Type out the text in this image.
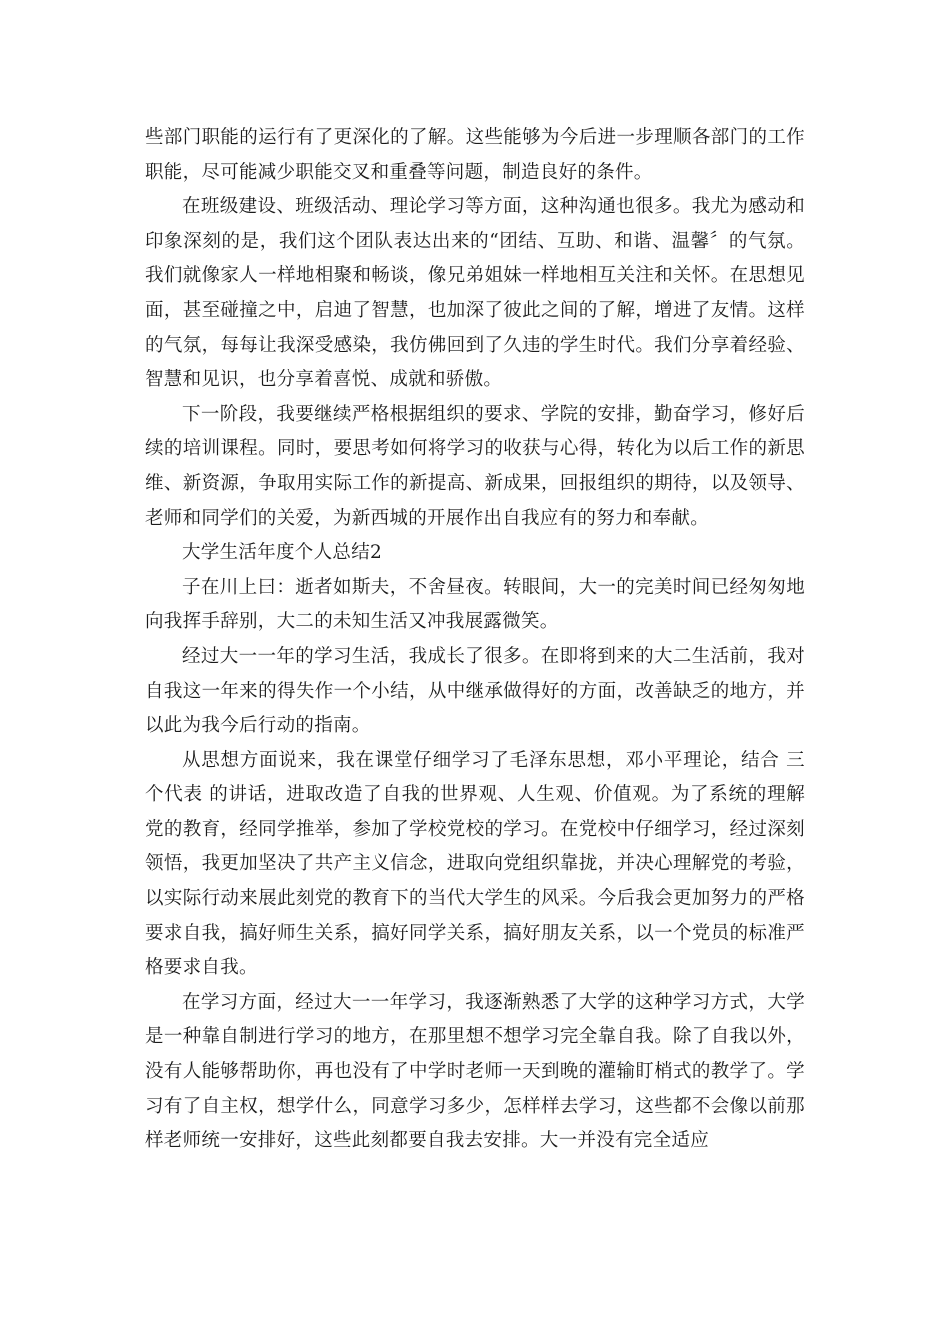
些部门职能的运行有了更深化的了解。这些能够为今后进一步理顺各部门的工作职能，尽可能减少职能交叉和重叠等问题，制造良好的条件。

在班级建设、班级活动、理论学习等方面，这种沟通也很多。我尤为感动和印象深刻的是，我们这个团队表达出来的“团结、互助、和谐、温馨〞的气氛。我们就像家人一样地相聚和畅谈，像兄弟姐妹一样地相互关注和关怀。在思想见面，甚至碰撞之中，启迪了智慧，也加深了彼此之间的了解，增进了友情。这样的气氛，每每让我深受感染，我仿佛回到了久违的学生时代。我们分享着经验、智慧和见识，也分享着喜悦、成就和骄傲。

下一阶段，我要继续严格根据组织的要求、学院的安排，勤奋学习，修好后续的培训课程。同时，要思考如何将学习的收获与心得，转化为以后工作的新思维、新资源，争取用实际工作的新提高、新成果，回报组织的期待，以及领导、老师和同学们的关爱，为新西城的开展作出自我应有的努力和奉献。

大学生活年度个人总结2

子在川上曰：逝者如斯夫，不舍昼夜。转眼间，大一的完美时间已经匆匆地向我挥手辞别，大二的未知生活又冲我展露微笑。

经过大一一年的学习生活，我成长了很多。在即将到来的大二生活前，我对自我这一年来的得失作一个小结，从中继承做得好的方面，改善缺乏的地方，并以此为我今后行动的指南。

从思想方面说来，我在课堂仔细学习了毛泽东思想，邓小平理论，结合 三个代表 的讲话，进取改造了自我的世界观、人生观、价值观。为了系统的理解党的教育，经同学推举，参加了学校党校的学习。在党校中仔细学习，经过深刻领悟，我更加坚决了共产主义信念，进取向党组织靠拢，并决心理解党的考验，以实际行动来展此刻党的教育下的当代大学生的风采。今后我会更加努力的严格要求自我，搞好师生关系，搞好同学关系，搞好朋友关系，以一个党员的标准严格要求自我。

在学习方面，经过大一一年学习，我逐渐熟悉了大学的这种学习方式，大学是一种靠自制进行学习的地方，在那里想不想学习完全靠自我。除了自我以外，没有人能够帮助你，再也没有了中学时老师一天到晚的灌输盯梢式的教学了。学习有了自主权，想学什么，同意学习多少，怎样样去学习，这些都不会像以前那样老师统一安排好，这些此刻都要自我去安排。大一并没有完全适应
